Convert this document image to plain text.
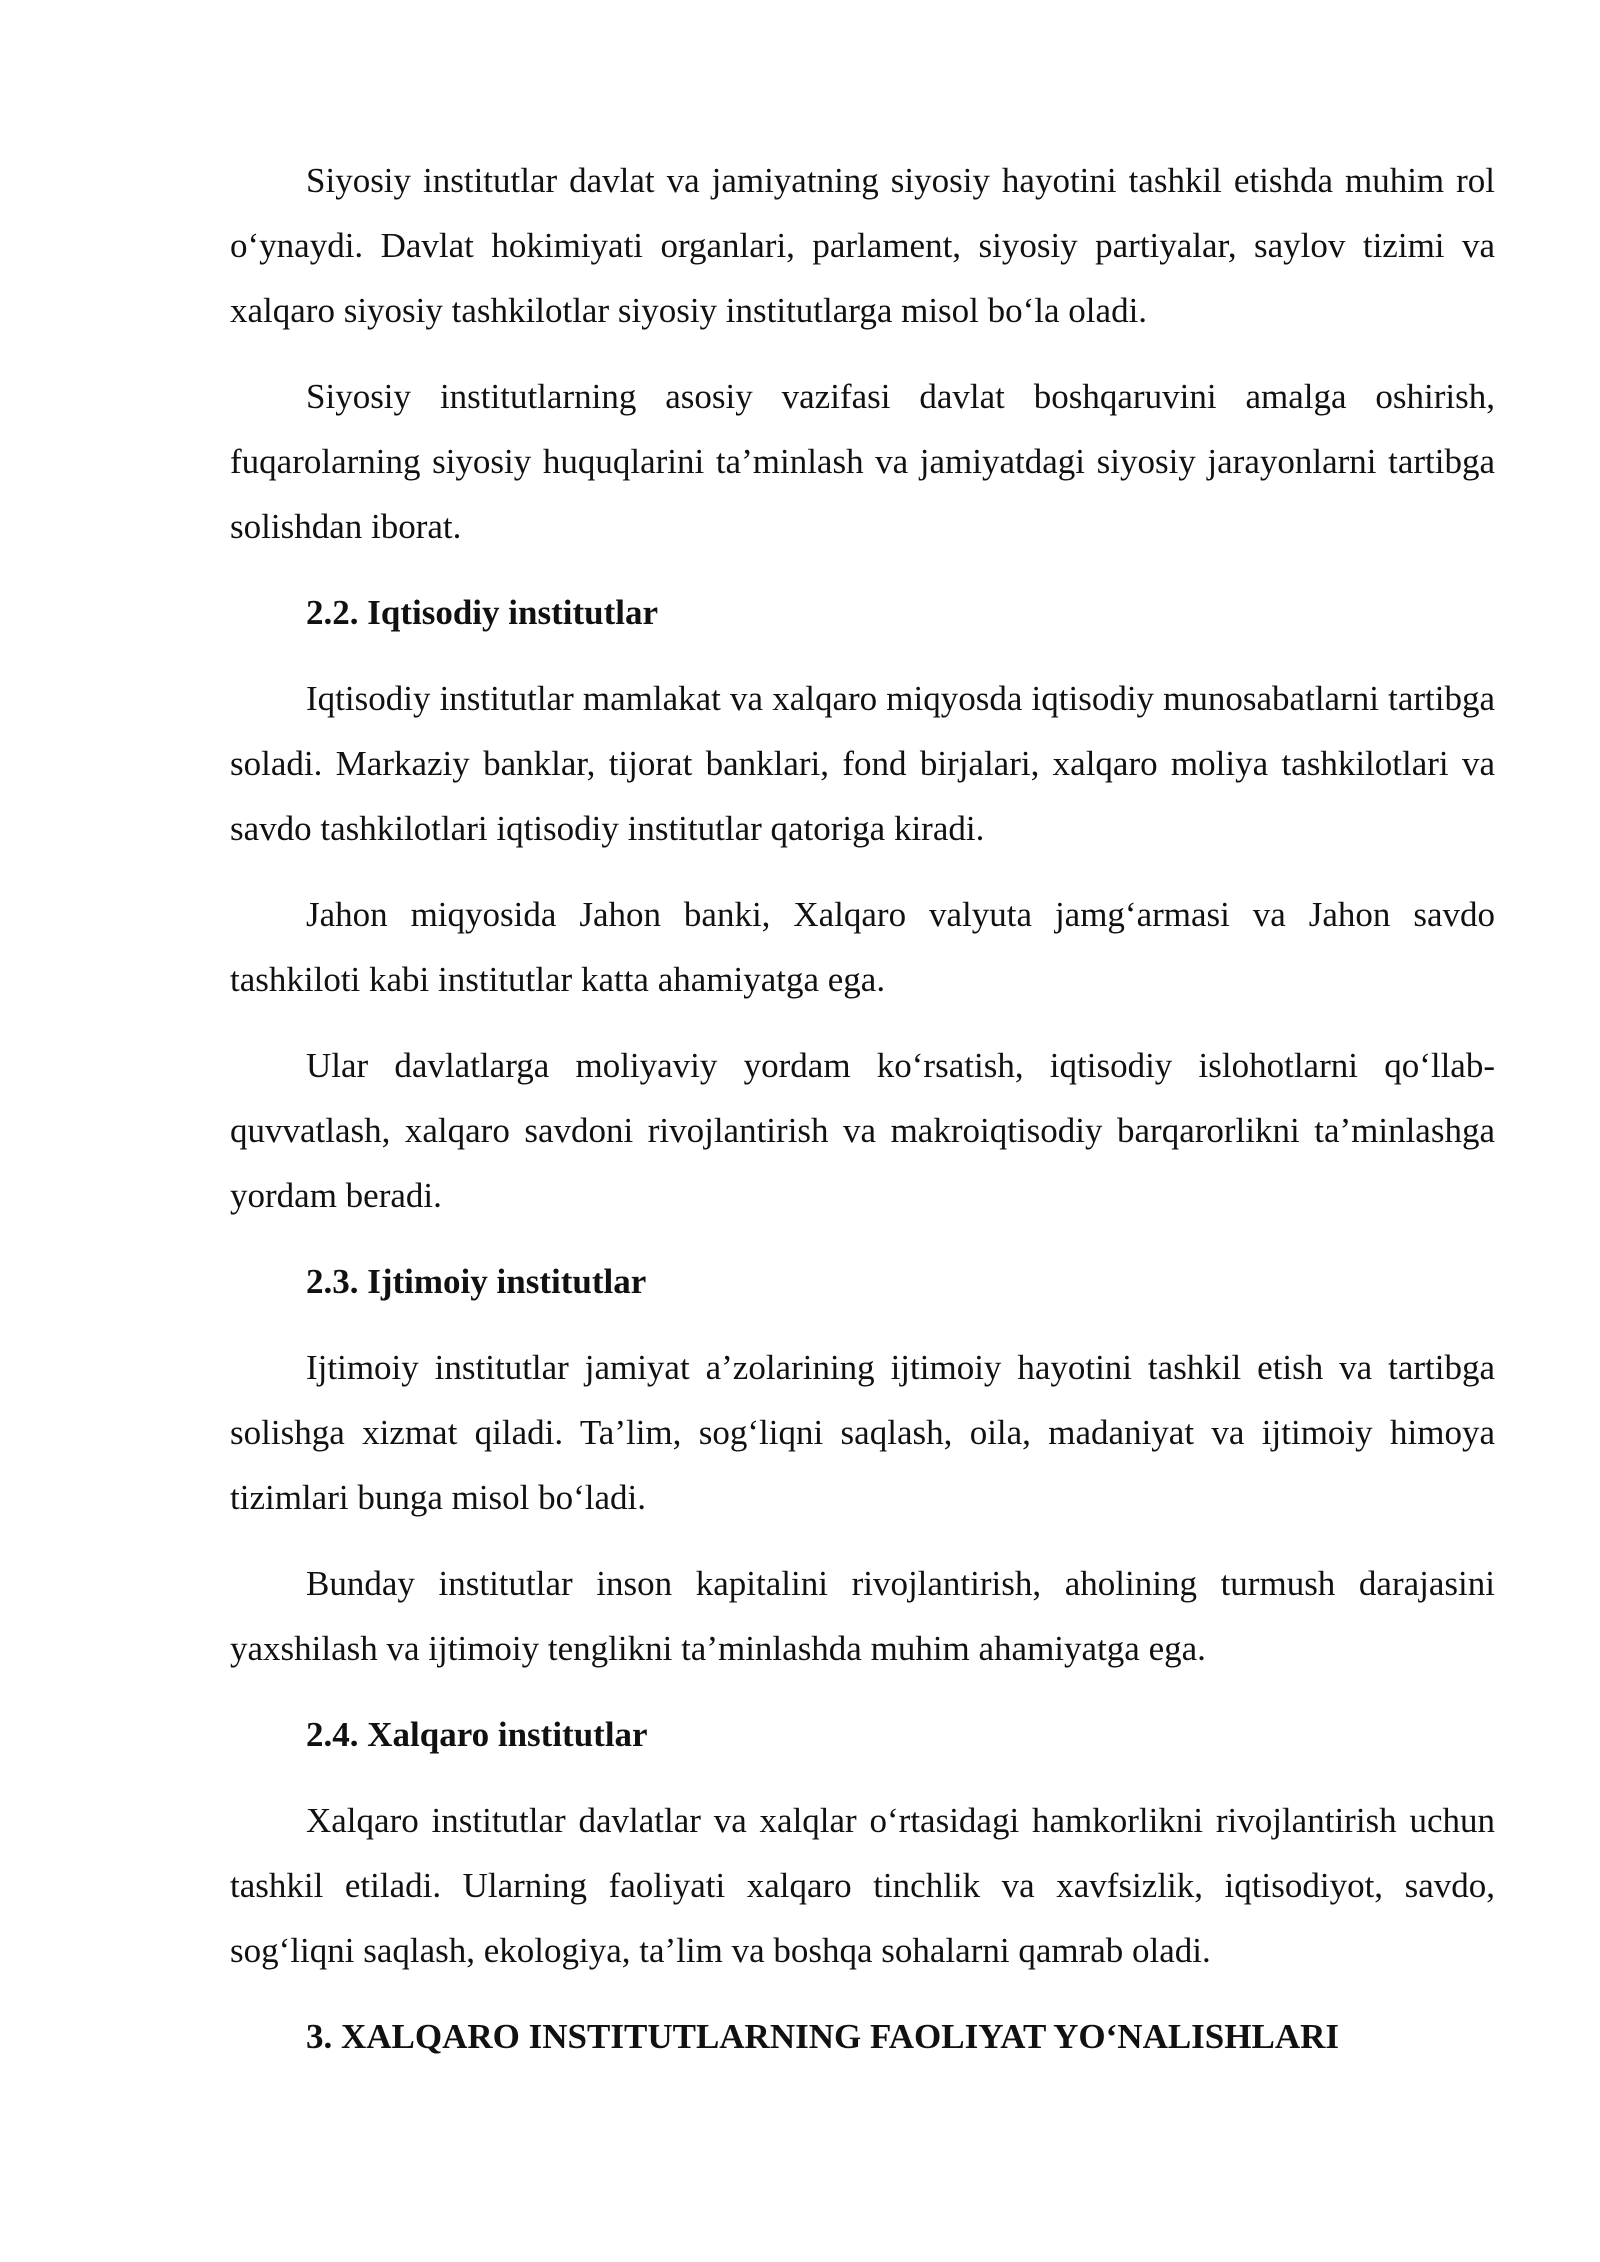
Siyosiy institutlar davlat va jamiyatning siyosiy hayotini tashkil etishda muhim rol o‘ynaydi. Davlat hokimiyati organlari, parlament, siyosiy partiyalar, saylov tizimi va xalqaro siyosiy tashkilotlar siyosiy institutlarga misol bo‘la oladi.

Siyosiy institutlarning asosiy vazifasi davlat boshqaruvini amalga oshirish, fuqarolarning siyosiy huquqlarini ta’minlash va jamiyatdagi siyosiy jarayonlarni tartibga solishdan iborat.

2.2. Iqtisodiy institutlar

Iqtisodiy institutlar mamlakat va xalqaro miqyosda iqtisodiy munosabatlarni tartibga soladi. Markaziy banklar, tijorat banklari, fond birjalari, xalqaro moliya tashkilotlari va savdo tashkilotlari iqtisodiy institutlar qatoriga kiradi.

Jahon miqyosida Jahon banki, Xalqaro valyuta jamg‘armasi va Jahon savdo tashkiloti kabi institutlar katta ahamiyatga ega.

Ular davlatlarga moliyaviy yordam ko‘rsatish, iqtisodiy islohotlarni qo‘llab-quvvatlash, xalqaro savdoni rivojlantirish va makroiqtisodiy barqarorlikni ta’minlashga yordam beradi.

2.3. Ijtimoiy institutlar

Ijtimoiy institutlar jamiyat a’zolarining ijtimoiy hayotini tashkil etish va tartibga solishga xizmat qiladi. Ta’lim, sog‘liqni saqlash, oila, madaniyat va ijtimoiy himoya tizimlari bunga misol bo‘ladi.

Bunday institutlar inson kapitalini rivojlantirish, aholining turmush darajasini yaxshilash va ijtimoiy tenglikni ta’minlashda muhim ahamiyatga ega.

2.4. Xalqaro institutlar

Xalqaro institutlar davlatlar va xalqlar o‘rtasidagi hamkorlikni rivojlantirish uchun tashkil etiladi. Ularning faoliyati xalqaro tinchlik va xavfsizlik, iqtisodiyot, savdo, sog‘liqni saqlash, ekologiya, ta’lim va boshqa sohalarni qamrab oladi.

3. XALQARO INSTITUTLARNING FAOLIYAT YO‘NALISHLARI
